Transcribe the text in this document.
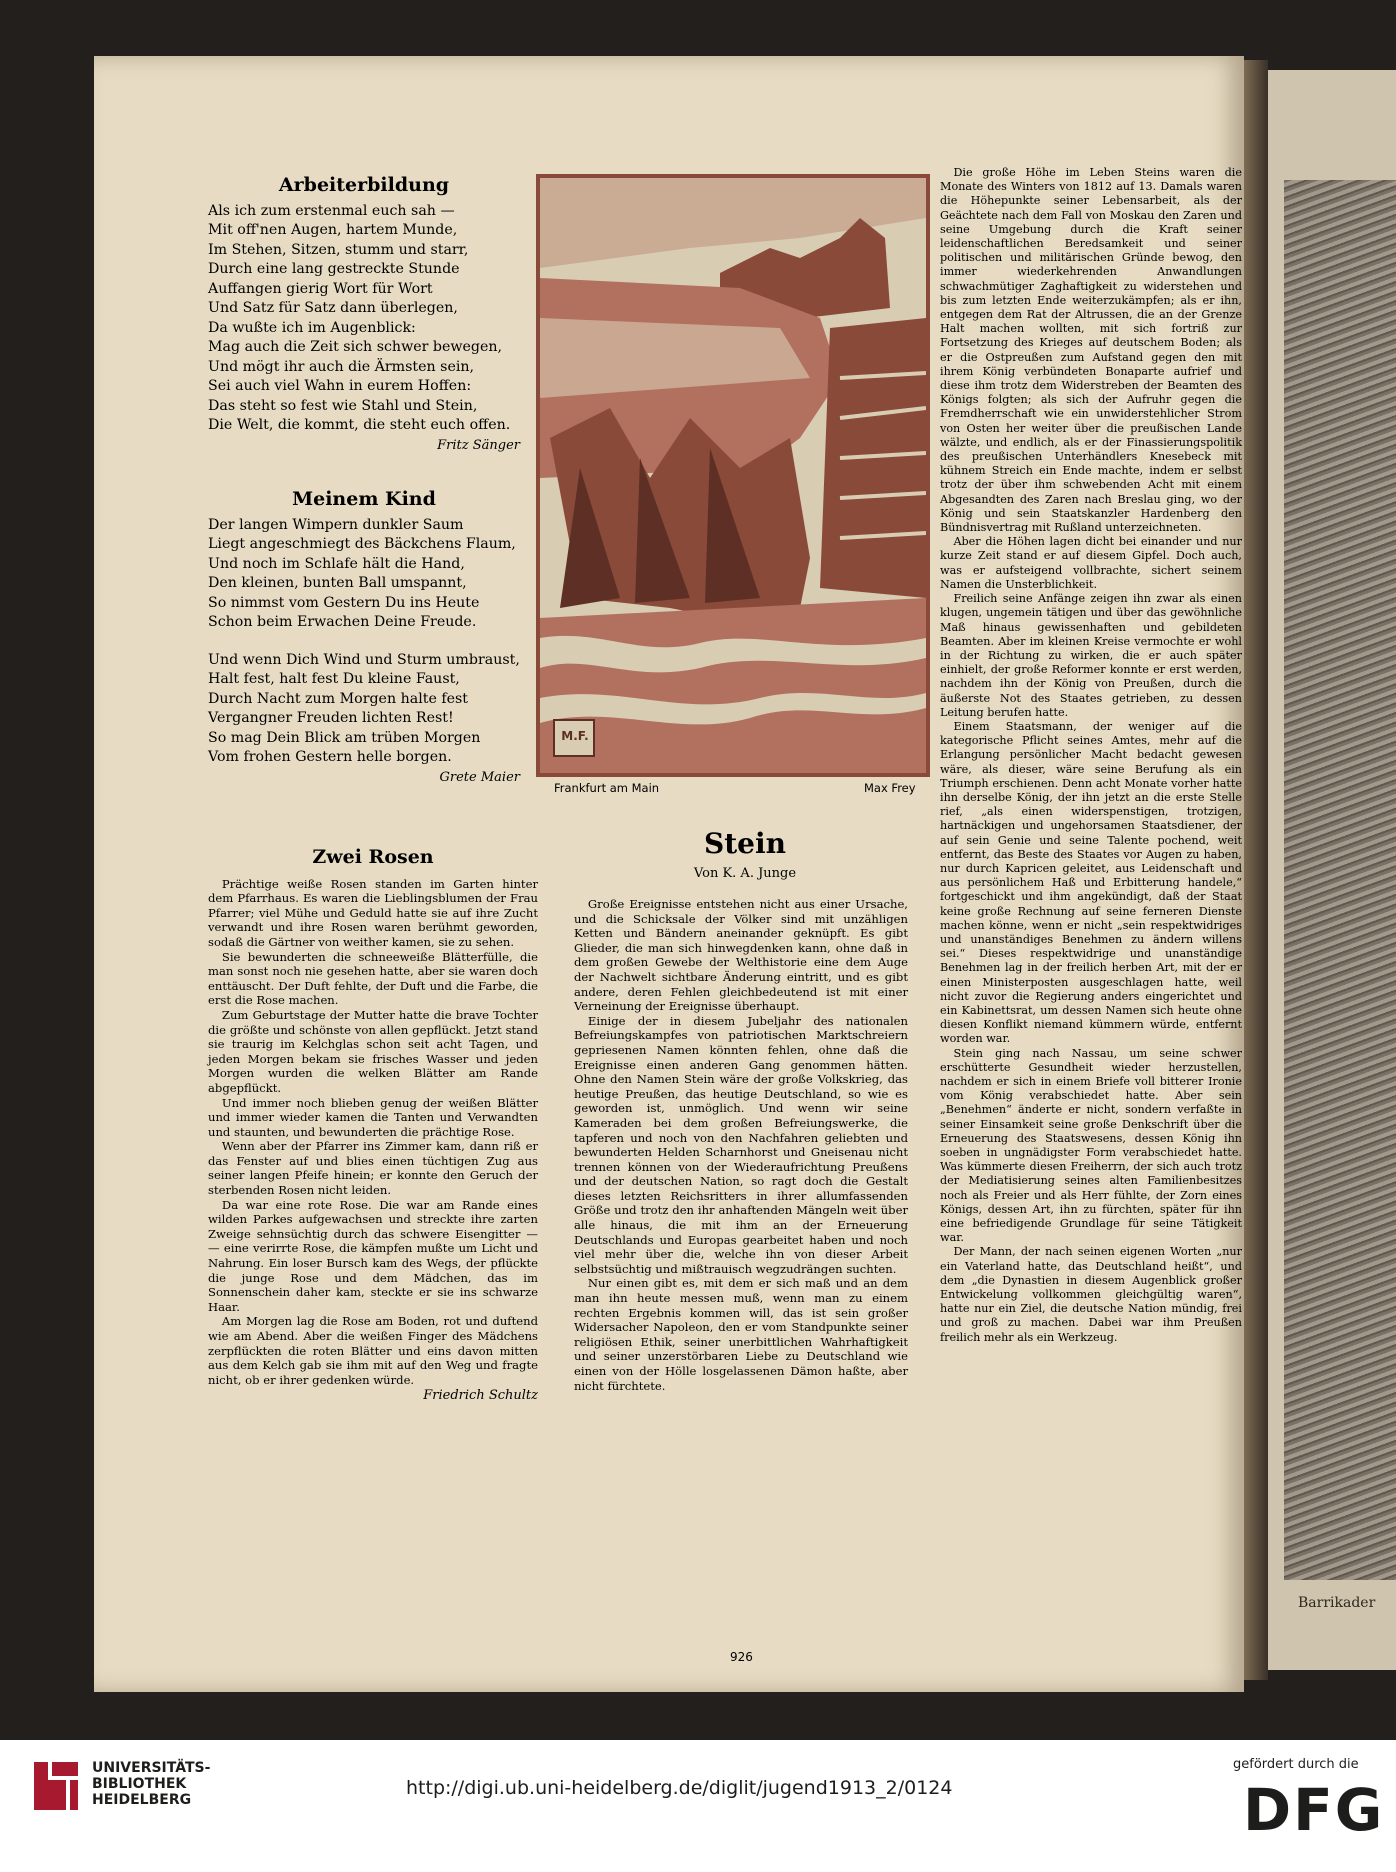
Barrikader
Arbeiterbildung
Als ich zum erstenmal euch sah —
Mit off'nen Augen, hartem Munde,
Im Stehen, Sitzen, stumm und starr,
Durch eine lang gestreckte Stunde
Auffangen gierig Wort für Wort
Und Satz für Satz dann überlegen,
Da wußte ich im Augenblick:
Mag auch die Zeit sich schwer bewegen,
Und mögt ihr auch die Ärmsten sein,
Sei auch viel Wahn in eurem Hoffen:
Das steht so fest wie Stahl und Stein,
Die Welt, die kommt, die steht euch offen.
Fritz Sänger
Meinem Kind
Der langen Wimpern dunkler Saum
Liegt angeschmiegt des Bäckchens Flaum,
Und noch im Schlafe hält die Hand,
Den kleinen, bunten Ball umspannt,
So nimmst vom Gestern Du ins Heute
Schon beim Erwachen Deine Freude.
Und wenn Dich Wind und Sturm umbraust,
Halt fest, halt fest Du kleine Faust,
Durch Nacht zum Morgen halte fest
Vergangner Freuden lichten Rest!
So mag Dein Blick am trüben Morgen
Vom frohen Gestern helle borgen.
Grete Maier
Zwei Rosen

Prächtige weiße Rosen standen im Garten hinter dem Pfarrhaus. Es waren die Lieblingsblumen der Frau Pfarrer; viel Mühe und Geduld hatte sie auf ihre Zucht verwandt und ihre Rosen waren berühmt geworden, sodaß die Gärtner von weither kamen, sie zu sehen.

Sie bewunderten die schneeweiße Blätterfülle, die man sonst noch nie gesehen hatte, aber sie waren doch enttäuscht. Der Duft fehlte, der Duft und die Farbe, die erst die Rose machen.

Zum Geburtstage der Mutter hatte die brave Tochter die größte und schönste von allen gepflückt. Jetzt stand sie traurig im Kelchglas schon seit acht Tagen, und jeden Morgen bekam sie frisches Wasser und jeden Morgen wurden die welken Blätter am Rande abgepflückt.

Und immer noch blieben genug der weißen Blätter und immer wieder kamen die Tanten und Verwandten und staunten, und bewunderten die prächtige Rose.

Wenn aber der Pfarrer ins Zimmer kam, dann riß er das Fenster auf und blies einen tüchtigen Zug aus seiner langen Pfeife hinein; er konnte den Geruch der sterbenden Rosen nicht leiden.

Da war eine rote Rose. Die war am Rande eines wilden Parkes aufgewachsen und streckte ihre zarten Zweige sehnsüchtig durch das schwere Eisengitter — — eine verirrte Rose, die kämpfen mußte um Licht und Nahrung. Ein loser Bursch kam des Wegs, der pflückte die junge Rose und dem Mädchen, das im Sonnenschein daher kam, steckte er sie ins schwarze Haar.

Am Morgen lag die Rose am Boden, rot und duftend wie am Abend. Aber die weißen Finger des Mädchens zerpflückten die roten Blätter und eins davon mitten aus dem Kelch gab sie ihm mit auf den Weg und fragte nicht, ob er ihrer gedenken würde.

Friedrich Schultz
M.F.
Frankfurt am Main	Max Frey
Stein
Von K. A. Junge

Große Ereignisse entstehen nicht aus einer Ursache, und die Schicksale der Völker sind mit unzähligen Ketten und Bändern aneinander geknüpft. Es gibt Glieder, die man sich hinwegdenken kann, ohne daß in dem großen Gewebe der Welthistorie eine dem Auge der Nachwelt sichtbare Änderung eintritt, und es gibt andere, deren Fehlen gleichbedeutend ist mit einer Verneinung der Ereignisse überhaupt.

Einige der in diesem Jubeljahr des nationalen Befreiungskampfes von patriotischen Marktschreiern gepriesenen Namen könnten fehlen, ohne daß die Ereignisse einen anderen Gang genommen hätten. Ohne den Namen Stein wäre der große Volkskrieg, das heutige Preußen, das heutige Deutschland, so wie es geworden ist, unmöglich. Und wenn wir seine Kameraden bei dem großen Befreiungswerke, die tapferen und noch von den Nachfahren geliebten und bewunderten Helden Scharnhorst und Gneisenau nicht trennen können von der Wiederaufrichtung Preußens und der deutschen Nation, so ragt doch die Gestalt dieses letzten Reichsritters in ihrer allumfassenden Größe und trotz den ihr anhaftenden Mängeln weit über alle hinaus, die mit ihm an der Erneuerung Deutschlands und Europas gearbeitet haben und noch viel mehr über die, welche ihn von dieser Arbeit selbstsüchtig und mißtrauisch wegzudrängen suchten.

Nur einen gibt es, mit dem er sich maß und an dem man ihn heute messen muß, wenn man zu einem rechten Ergebnis kommen will, das ist sein großer Widersacher Napoleon, den er vom Standpunkte seiner religiösen Ethik, seiner unerbittlichen Wahrhaftigkeit und seiner unzerstörbaren Liebe zu Deutschland wie einen von der Hölle losgelassenen Dämon haßte, aber nicht fürchtete.

Die große Höhe im Leben Steins waren die Monate des Winters von 1812 auf 13. Damals waren die Höhepunkte seiner Lebensarbeit, als der Geächtete nach dem Fall von Moskau den Zaren und seine Umgebung durch die Kraft seiner leidenschaftlichen Beredsamkeit und seiner politischen und militärischen Gründe bewog, den immer wiederkehrenden Anwandlungen schwachmütiger Zaghaftigkeit zu widerstehen und bis zum letzten Ende weiterzukämpfen; als er ihn, entgegen dem Rat der Altrussen, die an der Grenze Halt machen wollten, mit sich fortriß zur Fortsetzung des Krieges auf deutschem Boden; als er die Ostpreußen zum Aufstand gegen den mit ihrem König verbündeten Bonaparte aufrief und diese ihm trotz dem Widerstreben der Beamten des Königs folgten; als sich der Aufruhr gegen die Fremdherrschaft wie ein unwiderstehlicher Strom von Osten her weiter über die preußischen Lande wälzte, und endlich, als er der Finassierungspolitik des preußischen Unterhändlers Knesebeck mit kühnem Streich ein Ende machte, indem er selbst trotz der über ihm schwebenden Acht mit einem Abgesandten des Zaren nach Breslau ging, wo der König und sein Staatskanzler Hardenberg den Bündnisvertrag mit Rußland unterzeichneten.

Aber die Höhen lagen dicht bei einander und nur kurze Zeit stand er auf diesem Gipfel. Doch auch, was er aufsteigend vollbrachte, sichert seinem Namen die Unsterblichkeit.

Freilich seine Anfänge zeigen ihn zwar als einen klugen, ungemein tätigen und über das gewöhnliche Maß hinaus gewissenhaften und gebildeten Beamten. Aber im kleinen Kreise vermochte er wohl in der Richtung zu wirken, die er auch später einhielt, der große Reformer konnte er erst werden, nachdem ihn der König von Preußen, durch die äußerste Not des Staates getrieben, zu dessen Leitung berufen hatte.

Einem Staatsmann, der weniger auf die kategorische Pflicht seines Amtes, mehr auf die Erlangung persönlicher Macht bedacht gewesen wäre, als dieser, wäre seine Berufung als ein Triumph erschienen. Denn acht Monate vorher hatte ihn derselbe König, der ihn jetzt an die erste Stelle rief, „als einen widerspenstigen, trotzigen, hartnäckigen und ungehorsamen Staatsdiener, der auf sein Genie und seine Talente pochend, weit entfernt, das Beste des Staates vor Augen zu haben, nur durch Kapricen geleitet, aus Leidenschaft und aus persönlichem Haß und Erbitterung handele,“ fortgeschickt und ihm angekündigt, daß der Staat keine große Rechnung auf seine ferneren Dienste machen könne, wenn er nicht „sein respektwidriges und unanständiges Benehmen zu ändern willens sei.“ Dieses respektwidrige und unanständige Benehmen lag in der freilich herben Art, mit der er einen Ministerposten ausgeschlagen hatte, weil nicht zuvor die Regierung anders eingerichtet und ein Kabinettsrat, um dessen Namen sich heute ohne diesen Konflikt niemand kümmern würde, entfernt worden war.

Stein ging nach Nassau, um seine schwer erschütterte Gesundheit wieder herzustellen, nachdem er sich in einem Briefe voll bitterer Ironie vom König verabschiedet hatte. Aber sein „Benehmen“ änderte er nicht, sondern verfaßte in seiner Einsamkeit seine große Denkschrift über die Erneuerung des Staatswesens, dessen König ihn soeben in ungnädigster Form verabschiedet hatte. Was kümmerte diesen Freiherrn, der sich auch trotz der Mediatisierung seines alten Familienbesitzes noch als Freier und als Herr fühlte, der Zorn eines Königs, dessen Art, ihn zu fürchten, später für ihn eine befriedigende Grundlage für seine Tätigkeit war.

Der Mann, der nach seinen eigenen Worten „nur ein Vaterland hatte, das Deutschland heißt“, und dem „die Dynastien in diesem Augenblick großer Entwickelung vollkommen gleichgültig waren“, hatte nur ein Ziel, die deutsche Nation mündig, frei und groß zu machen. Dabei war ihm Preußen freilich mehr als ein Werkzeug.

926
UNIVERSITÄTS-
BIBLIOTHEK
HEIDELBERG
http://digi.ub.uni-heidelberg.de/diglit/jugend1913_2/0124
gefördert durch die
DFG
